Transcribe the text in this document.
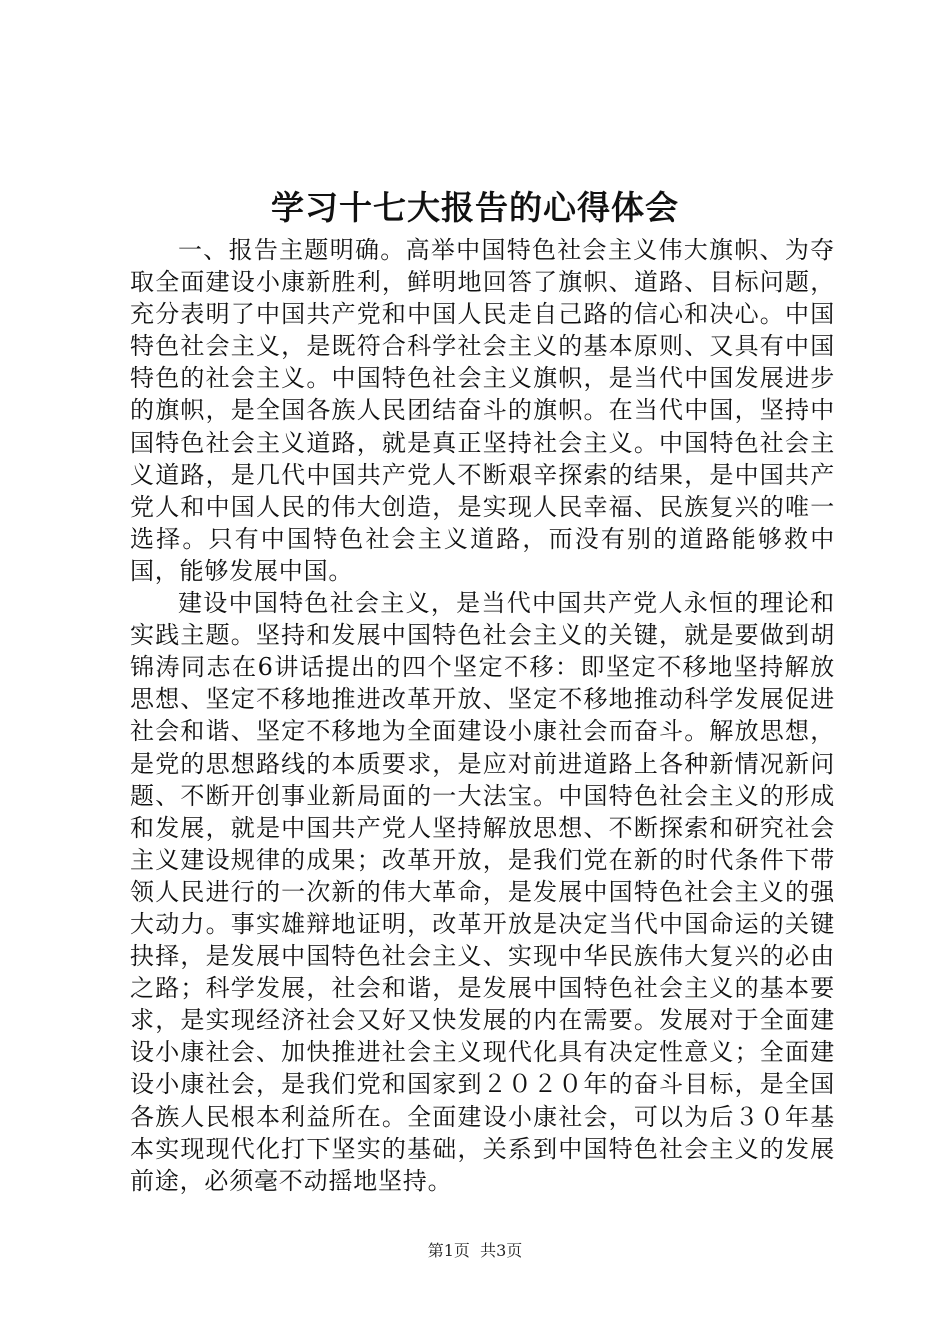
学习十七大报告的心得体会

一、报告主题明确。高举中国特色社会主义伟大旗帜、为夺取全面建设小康新胜利，鲜明地回答了旗帜、道路、目标问题，充分表明了中国共产党和中国人民走自己路的信心和决心。中国特色社会主义，是既符合科学社会主义的基本原则、又具有中国特色的社会主义。中国特色社会主义旗帜，是当代中国发展进步的旗帜，是全国各族人民团结奋斗的旗帜。在当代中国，坚持中国特色社会主义道路，就是真正坚持社会主义。中国特色社会主义道路，是几代中国共产党人不断艰辛探索的结果，是中国共产党人和中国人民的伟大创造，是实现人民幸福、民族复兴的唯一选择。只有中国特色社会主义道路，而没有别的道路能够救中国，能够发展中国。

建设中国特色社会主义，是当代中国共产党人永恒的理论和实践主题。坚持和发展中国特色社会主义的关键，就是要做到胡锦涛同志在6讲话提出的四个坚定不移：即坚定不移地坚持解放思想、坚定不移地推进改革开放、坚定不移地推动科学发展促进社会和谐、坚定不移地为全面建设小康社会而奋斗。解放思想，是党的思想路线的本质要求，是应对前进道路上各种新情况新问题、不断开创事业新局面的一大法宝。中国特色社会主义的形成和发展，就是中国共产党人坚持解放思想、不断探索和研究社会主义建设规律的成果；改革开放，是我们党在新的时代条件下带领人民进行的一次新的伟大革命，是发展中国特色社会主义的强大动力。事实雄辩地证明，改革开放是决定当代中国命运的关键抉择，是发展中国特色社会主义、实现中华民族伟大复兴的必由之路；科学发展，社会和谐，是发展中国特色社会主义的基本要求，是实现经济社会又好又快发展的内在需要。发展对于全面建设小康社会、加快推进社会主义现代化具有决定性意义；全面建设小康社会，是我们党和国家到２０２０年的奋斗目标，是全国各族人民根本利益所在。全面建设小康社会，可以为后３０年基本实现现代化打下坚实的基础，关系到中国特色社会主义的发展前途，必须毫不动摇地坚持。

第1页  共3页
